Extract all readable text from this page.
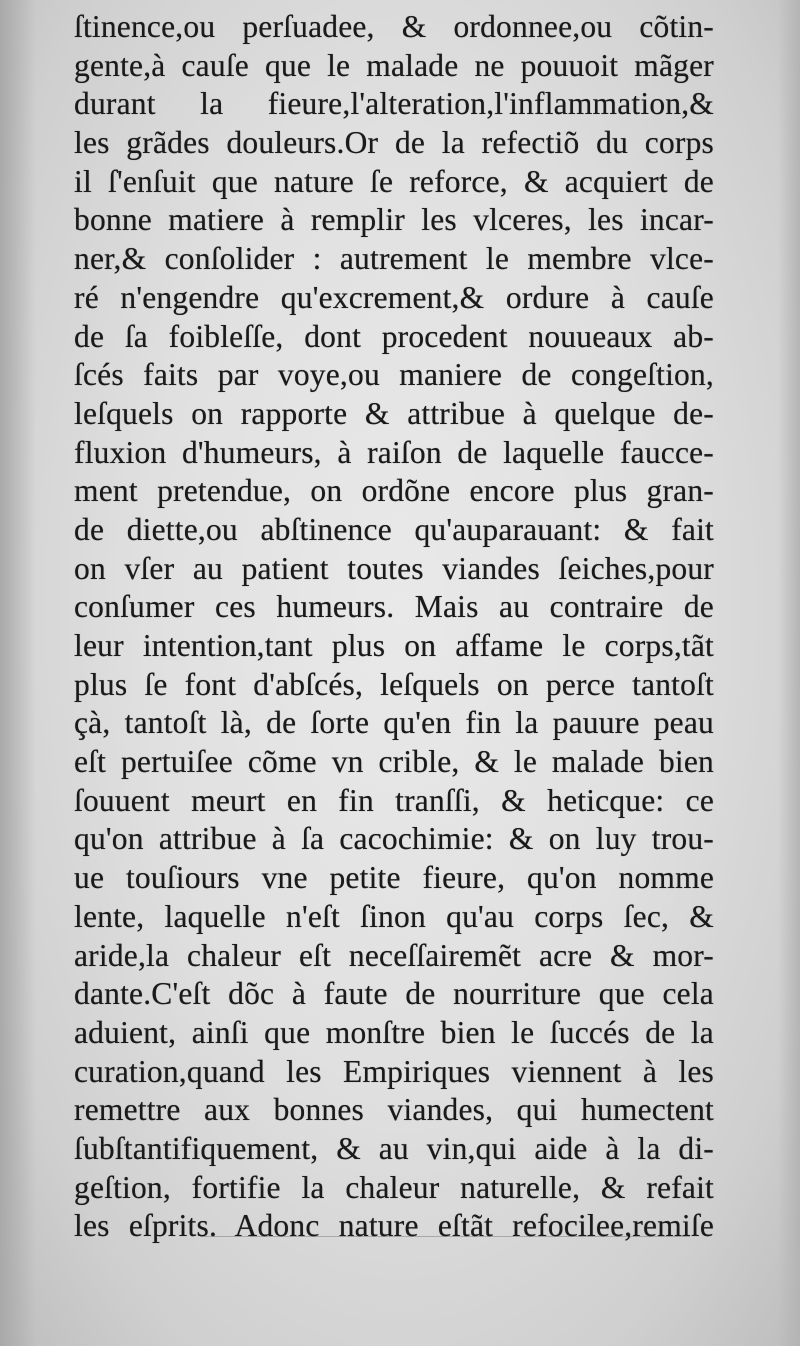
ſtinence,ou perſuadee, & ordonnee,ou cõtin-
gente,à cauſe que le malade ne pouuoit mãger
durant la fieure,l'alteration,l'inflammation,&
les grãdes douleurs.Or de la refectiõ du corps
il ſ'enſuit que nature ſe reforce, & acquiert de
bonne matiere à remplir les vlceres, les incar-
ner,& conſolider : autrement le membre vlce-
ré n'engendre qu'excrement,& ordure à cauſe
de ſa foibleſſe, dont procedent nouueaux ab-
ſcés faits par voye,ou maniere de congeſtion,
leſquels on rapporte & attribue à quelque de-
fluxion d'humeurs, à raiſon de laquelle faucce-
ment pretendue, on ordõne encore plus gran-
de diette,ou abſtinence qu'auparauant: & fait
on vſer au patient toutes viandes ſeiches,pour
conſumer ces humeurs. Mais au contraire de
leur intention,tant plus on affame le corps,tãt
plus ſe font d'abſcés, leſquels on perce tantoſt
çà, tantoſt là, de ſorte qu'en fin la pauure peau
eſt pertuiſee cõme vn crible, & le malade bien
ſouuent meurt en fin tranſſi, & heticque: ce
qu'on attribue à ſa cacochimie: & on luy trou-
ue touſiours vne petite fieure, qu'on nomme
lente, laquelle n'eſt ſinon qu'au corps ſec, &
aride,la chaleur eſt neceſſairemẽt acre & mor-
dante.C'eſt dõc à faute de nourriture que cela
aduient, ainſi que monſtre bien le ſuccés de la
curation,quand les Empiriques viennent à les
remettre aux bonnes viandes, qui humectent
ſubſtantifiquement, & au vin,qui aide à la di-
geſtion, fortifie la chaleur naturelle, & refait
les eſprits. Adonc nature eſtãt refocilee,remiſe
